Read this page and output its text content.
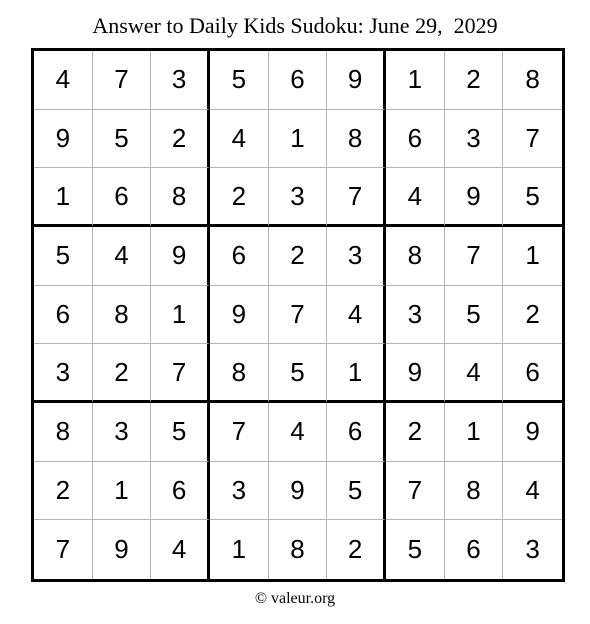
Answer to Daily Kids Sudoku: June 29,  2029
4	7	3	5	6	9	1	2	8
9	5	2	4	1	8	6	3	7
1	6	8	2	3	7	4	9	5
5	4	9	6	2	3	8	7	1
6	8	1	9	7	4	3	5	2
3	2	7	8	5	1	9	4	6
8	3	5	7	4	6	2	1	9
2	1	6	3	9	5	7	8	4
7	9	4	1	8	2	5	6	3
© valeur.org
